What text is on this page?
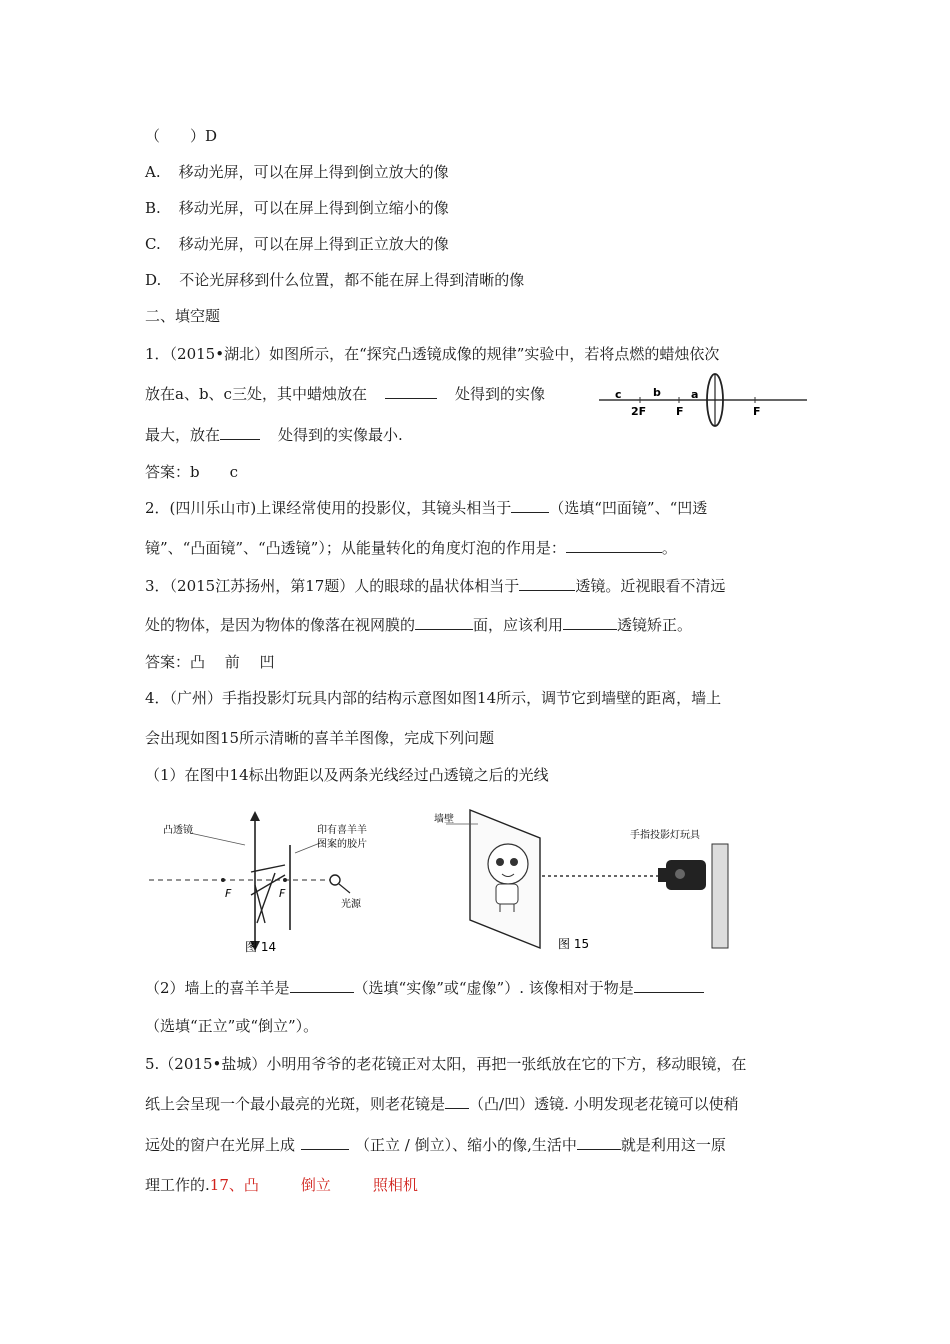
（　　）D
A. 移动光屏，可以在屏上得到倒立放大的像
B. 移动光屏，可以在屏上得到倒立缩小的像
C. 移动光屏，可以在屏上得到正立放大的像
D. 不论光屏移到什么位置，都不能在屏上得到清晰的像
二、填空题
1．（2015•湖北）如图所示，在“探究凸透镜成像的规律”实验中，若将点燃的蜡烛依次
放在a、b、c三处，其中蜡烛放在	处得到的实像	c	b	a
2F	F	F
最大，放在	处得到的实像最小.
答案：b　　c
2．(四川乐山市)上课经常使用的投影仪，其镜头相当于	（选填“凹面镜”、“凹透
镜”、“凸面镜”、“凸透镜”）；从能量转化的角度灯泡的作用是：	。
3．（2015江苏扬州，第17题）人的眼球的晶状体相当于	透镜。近视眼看不清远
处的物体，是因为物体的像落在视网膜的	面，应该利用	透镜矫正。
答案：凸　 前　 凹
4．（广州）手指投影灯玩具内部的结构示意图如图14所示，调节它到墙壁的距离，墙上
会出现如图15所示清晰的喜羊羊图像，完成下列问题
（1）在图中14标出物距以及两条光线经过凸透镜之后的光线
凸透镜	印有喜羊羊
图案的胶片
F	F
光源
图 14
墙壁
手指投影灯玩具
图 15
（2）墙上的喜羊羊是	（选填“实像”或“虚像”）. 该像相对于物是
（选填“正立”或“倒立”）。
5.（2015•盐城）小明用爷爷的老花镜正对太阳，再把一张纸放在它的下方，移动眼镜，在
纸上会呈现一个最小最亮的光斑，则老花镜是 （凸/凹）透镜. 小明发现老花镜可以使稍
远处的窗户在光屏上成	（正立 / 倒立）、缩小的像,生活中	就是利用这一原
理工作的.17、凸	倒立	照相机
